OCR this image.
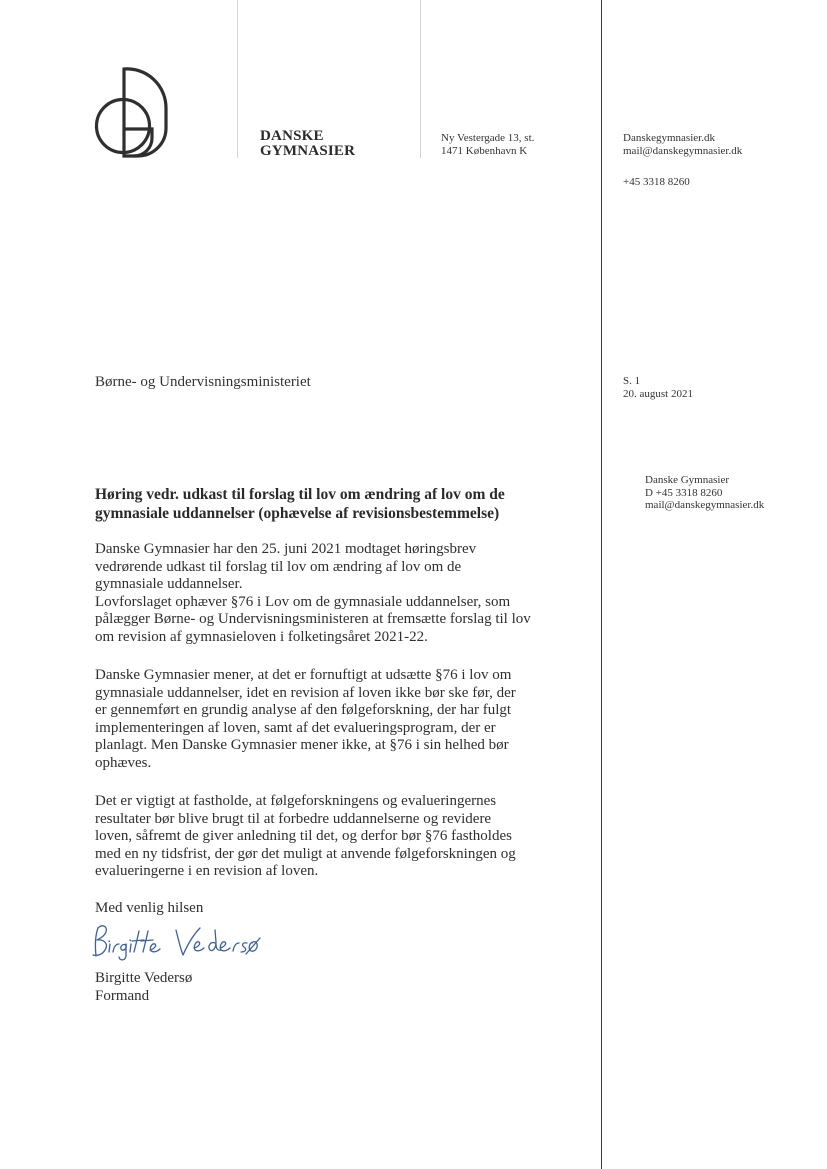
DANSKE
GYMNASIER
Ny Vestergade 13, st.
1471 København K
Danskegymnasier.dk
mail@danskegymnasier.dk
+45 3318 8260
Børne- og Undervisningsministeriet	S. 1
20. august 2021
Danske Gymnasier
D +45 3318 8260
mail@danskegymnasier.dk
Høring vedr. udkast til forslag til lov om ændring af lov om de
gymnasiale uddannelser (ophævelse af revisionsbestemmelse)
Danske Gymnasier har den 25. juni 2021 modtaget høringsbrev
vedrørende udkast til forslag til lov om ændring af lov om de
gymnasiale uddannelser.
Lovforslaget ophæver §76 i Lov om de gymnasiale uddannelser, som
pålægger Børne- og Undervisningsministeren at fremsætte forslag til lov
om revision af gymnasieloven i folketingsåret 2021-22.
Danske Gymnasier mener, at det er fornuftigt at udsætte §76 i lov om
gymnasiale uddannelser, idet en revision af loven ikke bør ske før, der
er gennemført en grundig analyse af den følgeforskning, der har fulgt
implementeringen af loven, samt af det evalueringsprogram, der er
planlagt. Men Danske Gymnasier mener ikke, at §76 i sin helhed bør
ophæves.
Det er vigtigt at fastholde, at følgeforskningens og evalueringernes
resultater bør blive brugt til at forbedre uddannelserne og revidere
loven, såfremt de giver anledning til det, og derfor bør §76 fastholdes
med en ny tidsfrist, der gør det muligt at anvende følgeforskningen og
evalueringerne i en revision af loven.
Med venlig hilsen
Birgitte Vedersø
Formand
